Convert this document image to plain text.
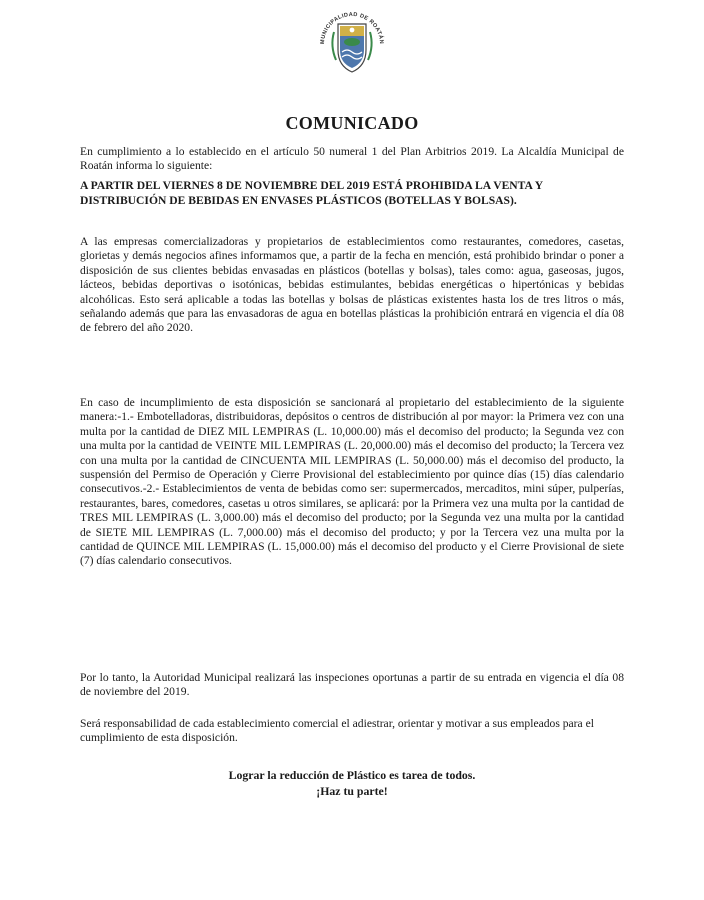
MUNICIPALIDAD DE ROATÁN
COMUNICADO

En cumplimiento a lo establecido en el artículo 50 numeral 1 del Plan Arbitrios 2019. La Alcaldía Municipal de Roatán informa lo siguiente:

A PARTIR DEL VIERNES 8 DE NOVIEMBRE DEL 2019 ESTÁ PROHIBIDA LA VENTA Y DISTRIBUCIÓN DE BEBIDAS EN ENVASES PLÁSTICOS (BOTELLAS Y BOLSAS).

A las empresas comercializadoras y propietarios de establecimientos como restaurantes, comedores, casetas, glorietas y demás negocios afines informamos que, a partir de la fecha en mención, está prohibido brindar o poner a disposición de sus clientes bebidas envasadas en plásticos (botellas y bolsas), tales como: agua, gaseosas, jugos, lácteos, bebidas deportivas o isotónicas, bebidas estimulantes, bebidas energéticas o hipertónicas y bebidas alcohólicas. Esto será aplicable a todas las botellas y bolsas de plásticas existentes hasta los de tres litros o más, señalando además que para las envasadoras de agua en botellas plásticas la prohibición entrará en vigencia el día 08 de febrero del año 2020.

En caso de incumplimiento de esta disposición se sancionará al propietario del establecimiento de la siguiente manera:-1.- Embotelladoras, distribuidoras, depósitos o centros de distribución al por mayor: la Primera vez con una multa por la cantidad de DIEZ MIL LEMPIRAS (L. 10,000.00) más el decomiso del producto; la Segunda vez con una multa por la cantidad de VEINTE MIL LEMPIRAS (L. 20,000.00) más el decomiso del producto; la Tercera vez con una multa por la cantidad de CINCUENTA MIL LEMPIRAS (L. 50,000.00) más el decomiso del producto, la suspensión del Permiso de Operación y Cierre Provisional del establecimiento por quince días (15) días calendario consecutivos.-2.- Establecimientos de venta de bebidas como ser: supermercados, mercaditos, mini súper, pulperías, restaurantes, bares, comedores, casetas u otros similares, se aplicará: por la Primera vez una multa por la cantidad de TRES MIL LEMPIRAS (L. 3,000.00) más el decomiso del producto; por la Segunda vez una multa por la cantidad de SIETE MIL LEMPIRAS (L. 7,000.00) más el decomiso del producto; y por la Tercera vez una multa por la cantidad de QUINCE MIL LEMPIRAS (L. 15,000.00) más el decomiso del producto y el Cierre Provisional de siete (7) días calendario consecutivos.

Por lo tanto, la Autoridad Municipal realizará las inspeciones oportunas a partir de su entrada en vigencia el día 08 de noviembre del 2019.

Será responsabilidad de cada establecimiento comercial el adiestrar, orientar y motivar a sus empleados para el cumplimiento de esta disposición.

Lograr la reducción de Plástico es tarea de todos.

¡Haz tu parte!
